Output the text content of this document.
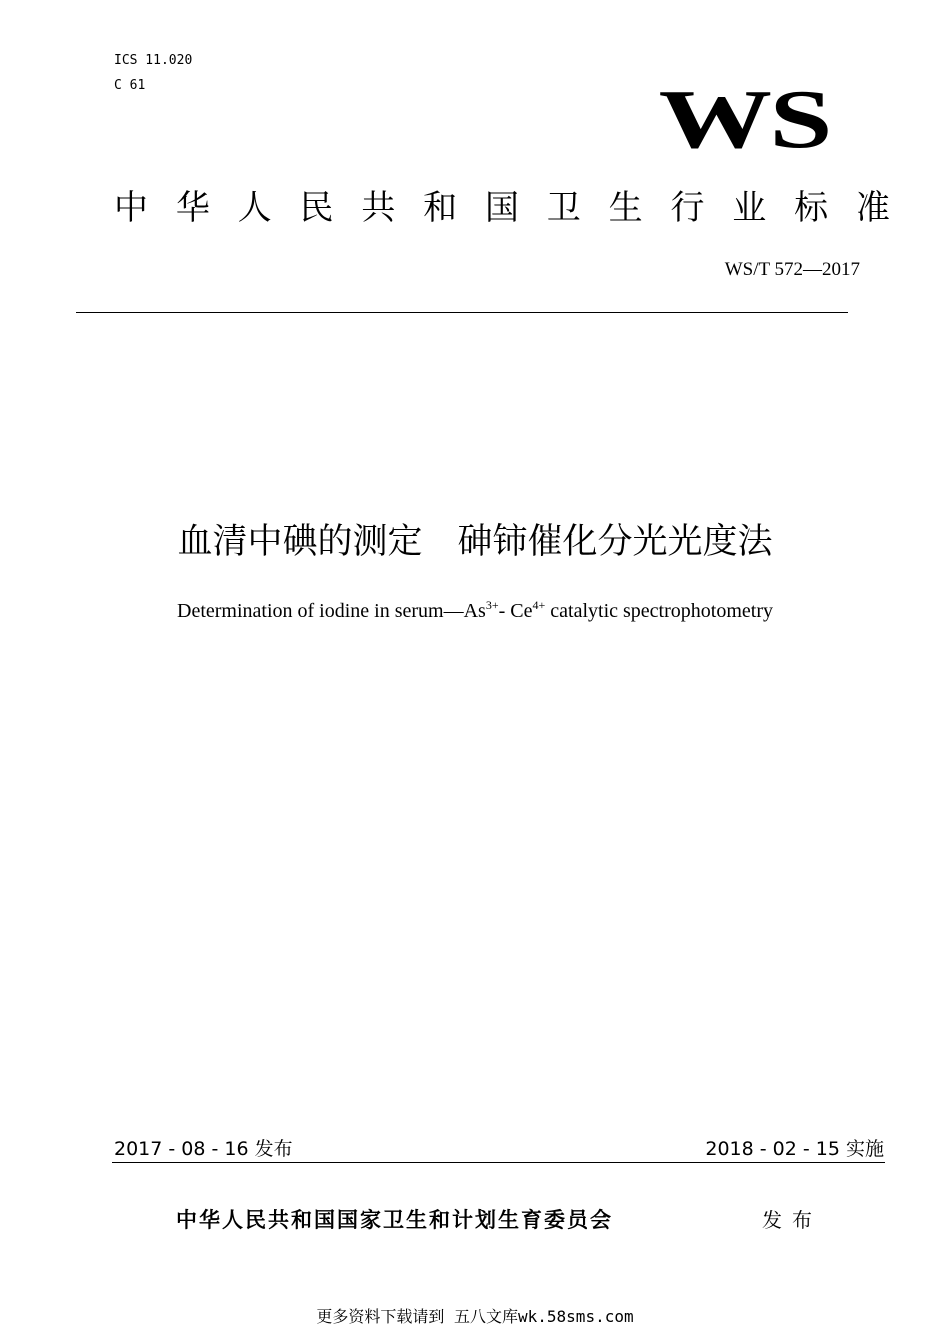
ICS 11.020
C 61	WS
中 华 人 民 共 和 国 卫 生 行 业 标 准
WS/T 572—2017
血清中碘的测定　砷铈催化分光光度法
Determination of iodine in $serum—As^{3+}-$ $Ce^{4+}$ catalytic spectrophotometry
2017 - 08 - 16 发布	2018 - 02 - 15 实施
中华人民共和国国家卫生和计划生育委员会	发布
更多资料下载请到 五八文库wk.58sms.com
